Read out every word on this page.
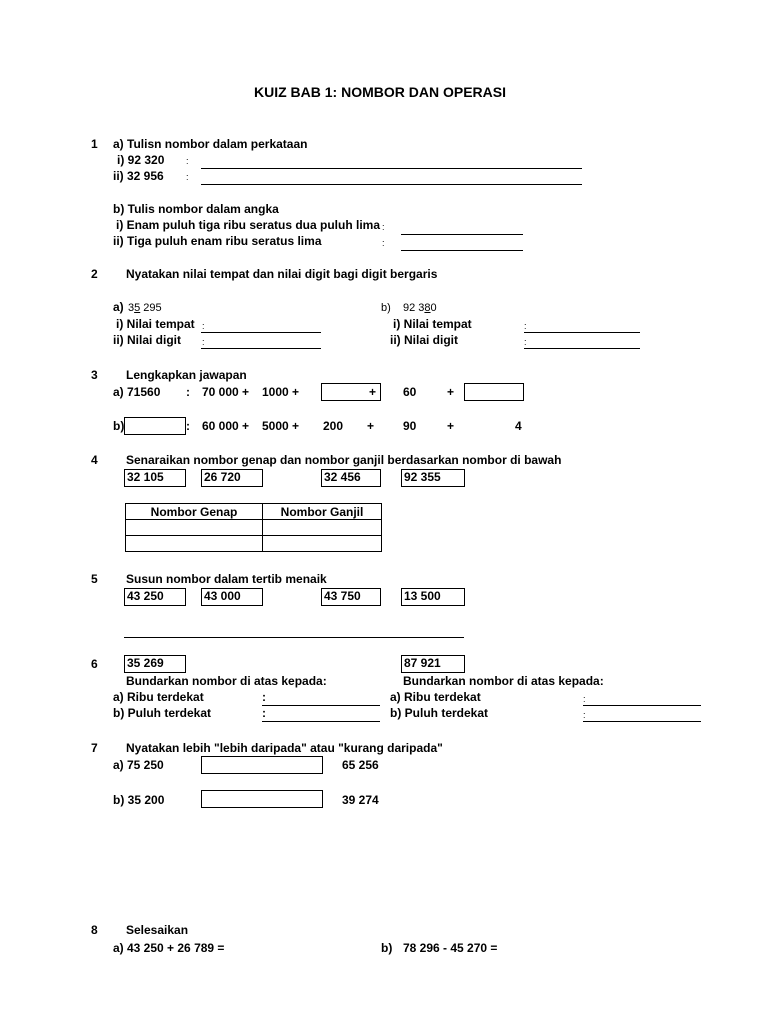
KUIZ BAB 1: NOMBOR DAN OPERASI
1 a) Tulisn nombor dalam perkataan
i) 92 320 :
ii) 32 956 :
b) Tulis nombor dalam angka
i) Enam puluh tiga ribu seratus dua puluh lima :
ii) Tiga puluh enam ribu seratus lima	:
2 Nyatakan nilai tempat dan nilai digit bagi digit bergaris
a) 35 295	b) 92 380
i) Nilai tempat :
ii) Nilai digit :
i) Nilai tempat	:
ii) Nilai digit	:
3 Lengkapkan jawapan
a) 71560 : 70 000 + 1000 +	+ 60	+
b)	: 60 000 + 5000 + 200 + 90	+	4
4 Senaraikan nombor genap dan nombor ganjil berdasarkan nombor di bawah
32 105	26 720	32 456	92 355
Nombor Genap	Nombor Ganjil

5 Susun nombor dalam tertib menaik
43 250	43 000	43 750	13 500
6 35 269	87 921
Bundarkan nombor di atas kepada:
a) Ribu terdekat	:
b) Puluh terdekat	:
Bundarkan nombor di atas kepada:
a) Ribu terdekat	:
b) Puluh terdekat	:
7 Nyatakan lebih "lebih daripada" atau "kurang daripada"
a) 75 250	65 256
b) 35 200	39 274
8 Selesaikan
a) 43 250 + 26 789 =	b) 78 296 - 45 270 =
